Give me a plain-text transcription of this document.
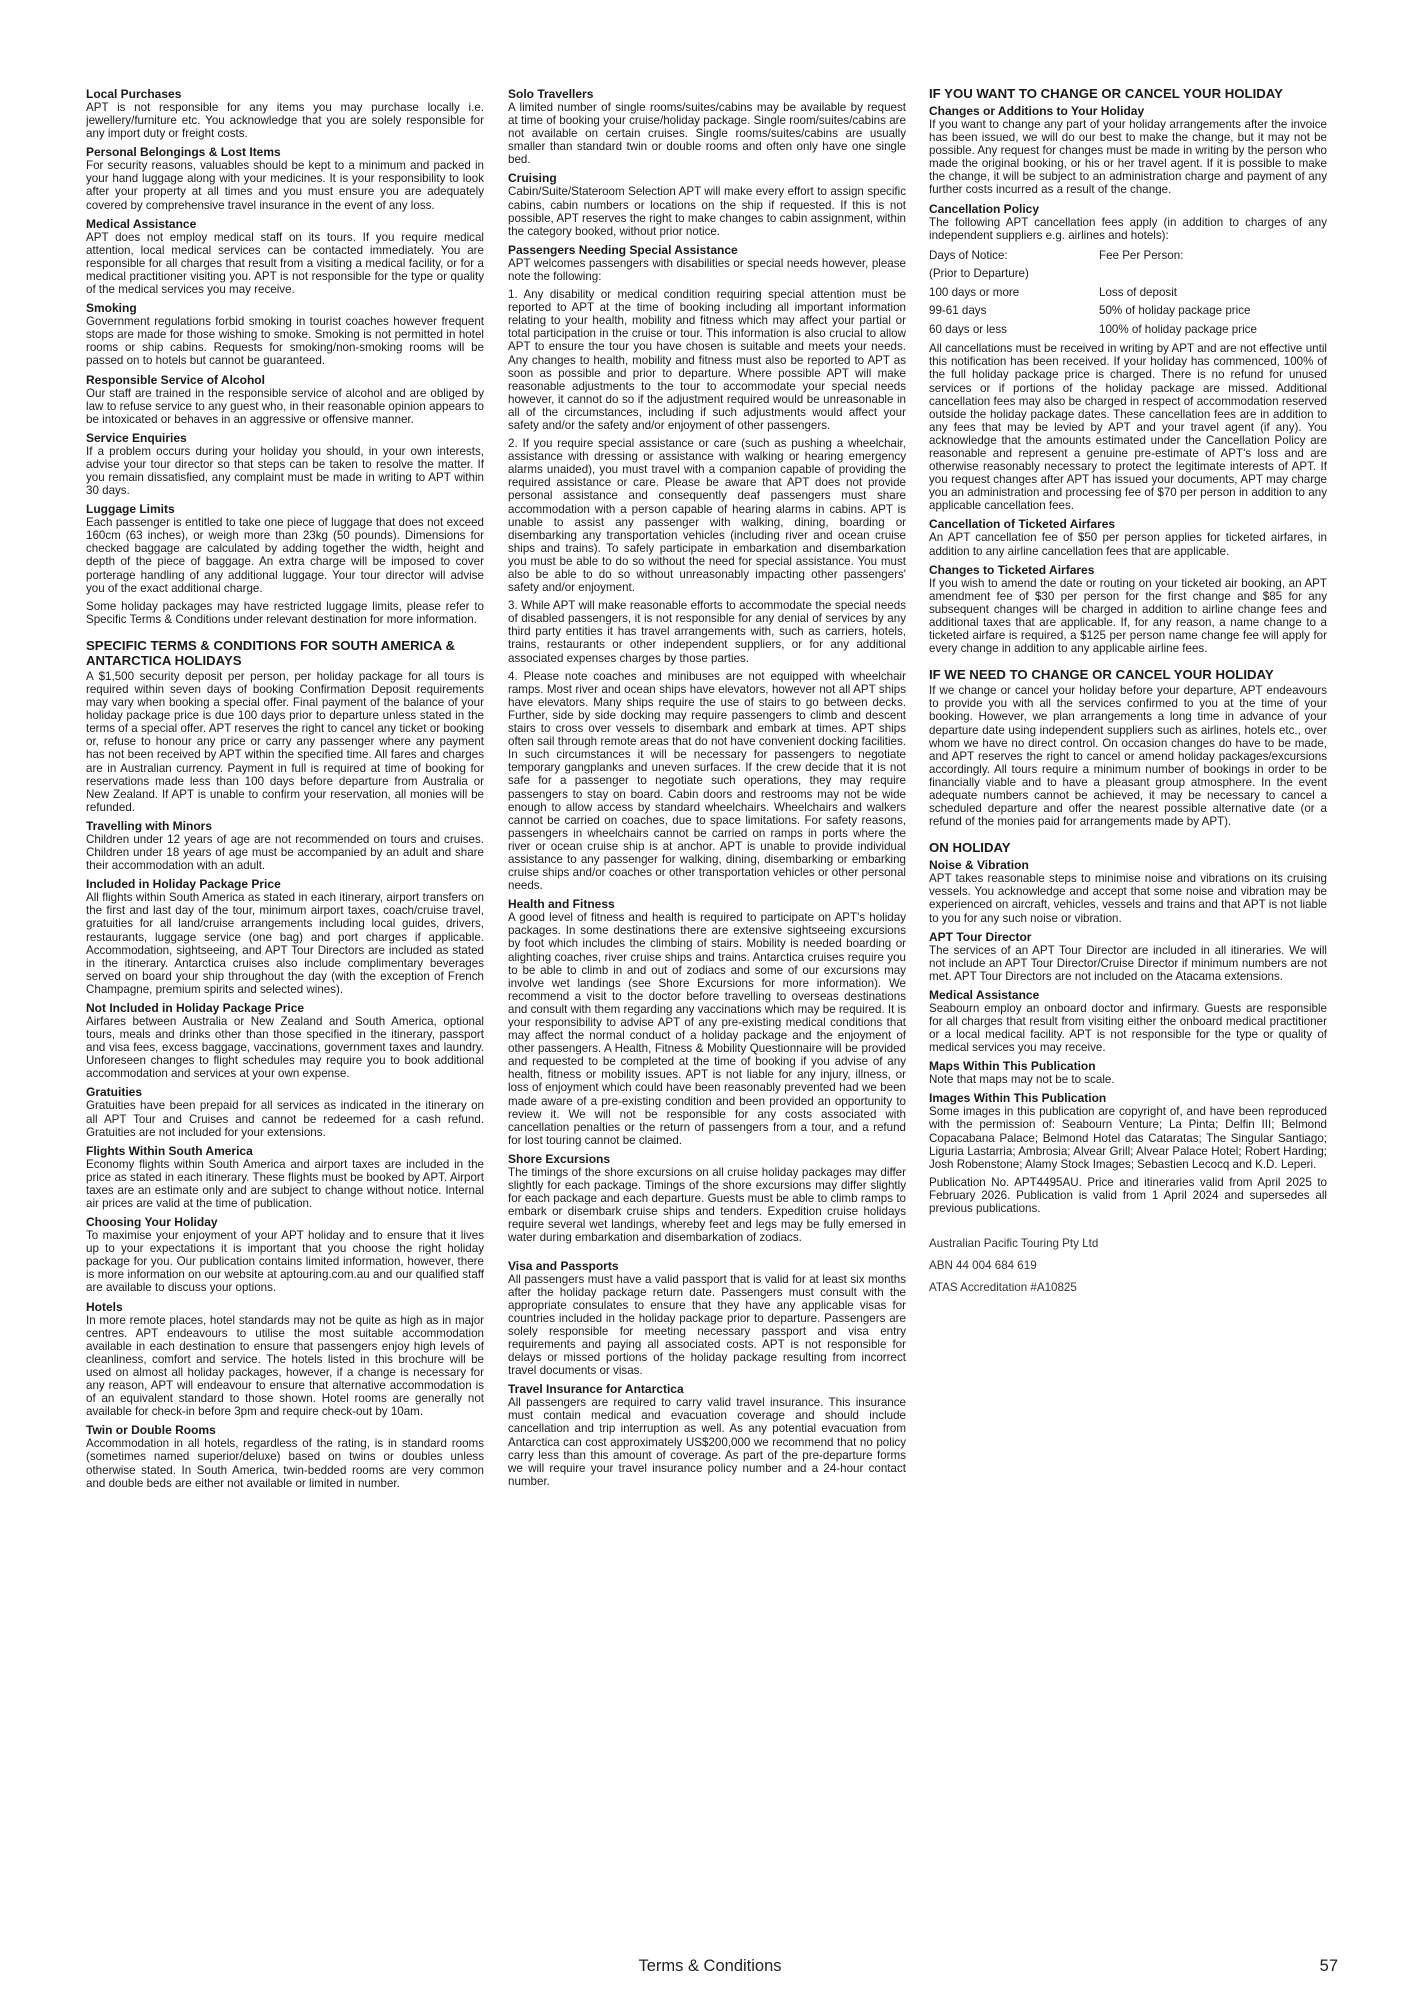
Local Purchases

APT is not responsible for any items you may purchase locally i.e. jewellery/furniture etc. You acknowledge that you are solely responsible for any import duty or freight costs.

Personal Belongings & Lost Items

For security reasons, valuables should be kept to a minimum and packed in your hand luggage along with your medicines. It is your responsibility to look after your property at all times and you must ensure you are adequately covered by comprehensive travel insurance in the event of any loss.

Medical Assistance

APT does not employ medical staff on its tours. If you require medical attention, local medical services can be contacted immediately. You are responsible for all charges that result from a visiting a medical facility, or for a medical practitioner visiting you. APT is not responsible for the type or quality of the medical services you may receive.

Smoking

Government regulations forbid smoking in tourist coaches however frequent stops are made for those wishing to smoke. Smoking is not permitted in hotel rooms or ship cabins. Requests for smoking/non-smoking rooms will be passed on to hotels but cannot be guaranteed.

Responsible Service of Alcohol

Our staff are trained in the responsible service of alcohol and are obliged by law to refuse service to any guest who, in their reasonable opinion appears to be intoxicated or behaves in an aggressive or offensive manner.

Service Enquiries

If a problem occurs during your holiday you should, in your own interests, advise your tour director so that steps can be taken to resolve the matter. If you remain dissatisfied, any complaint must be made in writing to APT within 30 days.

Luggage Limits

Each passenger is entitled to take one piece of luggage that does not exceed 160cm (63 inches), or weigh more than 23kg (50 pounds). Dimensions for checked baggage are calculated by adding together the width, height and depth of the piece of baggage. An extra charge will be imposed to cover porterage handling of any additional luggage. Your tour director will advise you of the exact additional charge.

Some holiday packages may have restricted luggage limits, please refer to Specific Terms & Conditions under relevant destination for more information.

SPECIFIC TERMS & CONDITIONS FOR SOUTH AMERICA & ANTARCTICA HOLIDAYS

A $1,500 security deposit per person, per holiday package for all tours is required within seven days of booking Confirmation Deposit requirements may vary when booking a special offer. Final payment of the balance of your holiday package price is due 100 days prior to departure unless stated in the terms of a special offer. APT reserves the right to cancel any ticket or booking or, refuse to honour any price or carry any passenger where any payment has not been received by APT within the specified time. All fares and charges are in Australian currency. Payment in full is required at time of booking for reservations made less than 100 days before departure from Australia or New Zealand. If APT is unable to confirm your reservation, all monies will be refunded.

Travelling with Minors

Children under 12 years of age are not recommended on tours and cruises. Children under 18 years of age must be accompanied by an adult and share their accommodation with an adult.

Included in Holiday Package Price

All flights within South America as stated in each itinerary, airport transfers on the first and last day of the tour, minimum airport taxes, coach/cruise travel, gratuities for all land/cruise arrangements including local guides, drivers, restaurants, luggage service (one bag) and port charges if applicable. Accommodation, sightseeing, and APT Tour Directors are included as stated in the itinerary. Antarctica cruises also include complimentary beverages served on board your ship throughout the day (with the exception of French Champagne, premium spirits and selected wines).

Not Included in Holiday Package Price

Airfares between Australia or New Zealand and South America, optional tours, meals and drinks other than those specified in the itinerary, passport and visa fees, excess baggage, vaccinations, government taxes and laundry. Unforeseen changes to flight schedules may require you to book additional accommodation and services at your own expense.

Gratuities

Gratuities have been prepaid for all services as indicated in the itinerary on all APT Tour and Cruises and cannot be redeemed for a cash refund. Gratuities are not included for your extensions.

Flights Within South America

Economy flights within South America and airport taxes are included in the price as stated in each itinerary. These flights must be booked by APT. Airport taxes are an estimate only and are subject to change without notice. Internal air prices are valid at the time of publication.

Choosing Your Holiday

To maximise your enjoyment of your APT holiday and to ensure that it lives up to your expectations it is important that you choose the right holiday package for you. Our publication contains limited information, however, there is more information on our website at aptouring.com.au and our qualified staff are available to discuss your options.

Hotels

In more remote places, hotel standards may not be quite as high as in major centres. APT endeavours to utilise the most suitable accommodation available in each destination to ensure that passengers enjoy high levels of cleanliness, comfort and service. The hotels listed in this brochure will be used on almost all holiday packages, however, if a change is necessary for any reason, APT will endeavour to ensure that alternative accommodation is of an equivalent standard to those shown. Hotel rooms are generally not available for check-in before 3pm and require check-out by 10am.

Twin or Double Rooms

Accommodation in all hotels, regardless of the rating, is in standard rooms (sometimes named superior/deluxe) based on twins or doubles unless otherwise stated. In South America, twin-bedded rooms are very common and double beds are either not available or limited in number.

Solo Travellers

A limited number of single rooms/suites/cabins may be available by request at time of booking your cruise/holiday package. Single room/suites/cabins are not available on certain cruises. Single rooms/suites/cabins are usually smaller than standard twin or double rooms and often only have one single bed.

Cruising

Cabin/Suite/Stateroom Selection APT will make every effort to assign specific cabins, cabin numbers or locations on the ship if requested. If this is not possible, APT reserves the right to make changes to cabin assignment, within the category booked, without prior notice.

Passengers Needing Special Assistance

APT welcomes passengers with disabilities or special needs however, please note the following:

1. Any disability or medical condition requiring special attention must be reported to APT at the time of booking including all important information relating to your health, mobility and fitness which may affect your partial or total participation in the cruise or tour. This information is also crucial to allow APT to ensure the tour you have chosen is suitable and meets your needs. Any changes to health, mobility and fitness must also be reported to APT as soon as possible and prior to departure. Where possible APT will make reasonable adjustments to the tour to accommodate your special needs however, it cannot do so if the adjustment required would be unreasonable in all of the circumstances, including if such adjustments would affect your safety and/or the safety and/or enjoyment of other passengers.

2. If you require special assistance or care (such as pushing a wheelchair, assistance with dressing or assistance with walking or hearing emergency alarms unaided), you must travel with a companion capable of providing the required assistance or care. Please be aware that APT does not provide personal assistance and consequently deaf passengers must share accommodation with a person capable of hearing alarms in cabins. APT is unable to assist any passenger with walking, dining, boarding or disembarking any transportation vehicles (including river and ocean cruise ships and trains). To safely participate in embarkation and disembarkation you must be able to do so without the need for special assistance. You must also be able to do so without unreasonably impacting other passengers' safety and/or enjoyment.

3. While APT will make reasonable efforts to accommodate the special needs of disabled passengers, it is not responsible for any denial of services by any third party entities it has travel arrangements with, such as carriers, hotels, trains, restaurants or other independent suppliers, or for any additional associated expenses charges by those parties.

4. Please note coaches and minibuses are not equipped with wheelchair ramps. Most river and ocean ships have elevators, however not all APT ships have elevators. Many ships require the use of stairs to go between decks. Further, side by side docking may require passengers to climb and descent stairs to cross over vessels to disembark and embark at times. APT ships often sail through remote areas that do not have convenient docking facilities. In such circumstances it will be necessary for passengers to negotiate temporary gangplanks and uneven surfaces. If the crew decide that it is not safe for a passenger to negotiate such operations, they may require passengers to stay on board. Cabin doors and restrooms may not be wide enough to allow access by standard wheelchairs. Wheelchairs and walkers cannot be carried on coaches, due to space limitations. For safety reasons, passengers in wheelchairs cannot be carried on ramps in ports where the river or ocean cruise ship is at anchor. APT is unable to provide individual assistance to any passenger for walking, dining, disembarking or embarking cruise ships and/or coaches or other transportation vehicles or other personal needs.

Health and Fitness

A good level of fitness and health is required to participate on APT's holiday packages. In some destinations there are extensive sightseeing excursions by foot which includes the climbing of stairs. Mobility is needed boarding or alighting coaches, river cruise ships and trains. Antarctica cruises require you to be able to climb in and out of zodiacs and some of our excursions may involve wet landings (see Shore Excursions for more information). We recommend a visit to the doctor before travelling to overseas destinations and consult with them regarding any vaccinations which may be required. It is your responsibility to advise APT of any pre-existing medical conditions that may affect the normal conduct of a holiday package and the enjoyment of other passengers. A Health, Fitness & Mobility Questionnaire will be provided and requested to be completed at the time of booking if you advise of any health, fitness or mobility issues. APT is not liable for any injury, illness, or loss of enjoyment which could have been reasonably prevented had we been made aware of a pre-existing condition and been provided an opportunity to review it. We will not be responsible for any costs associated with cancellation penalties or the return of passengers from a tour, and a refund for lost touring cannot be claimed.

Shore Excursions

The timings of the shore excursions on all cruise holiday packages may differ slightly for each package. Timings of the shore excursions may differ slightly for each package and each departure. Guests must be able to climb ramps to embark or disembark cruise ships and tenders. Expedition cruise holidays require several wet landings, whereby feet and legs may be fully emersed in water during embarkation and disembarkation of zodiacs.

Visa and Passports

All passengers must have a valid passport that is valid for at least six months after the holiday package return date. Passengers must consult with the appropriate consulates to ensure that they have any applicable visas for countries included in the holiday package prior to departure. Passengers are solely responsible for meeting necessary passport and visa entry requirements and paying all associated costs. APT is not responsible for delays or missed portions of the holiday package resulting from incorrect travel documents or visas.

Travel Insurance for Antarctica

All passengers are required to carry valid travel insurance. This insurance must contain medical and evacuation coverage and should include cancellation and trip interruption as well. As any potential evacuation from Antarctica can cost approximately US$200,000 we recommend that no policy carry less than this amount of coverage. As part of the pre-departure forms we will require your travel insurance policy number and a 24-hour contact number.

IF YOU WANT TO CHANGE OR CANCEL YOUR HOLIDAY
Changes or Additions to Your Holiday

If you want to change any part of your holiday arrangements after the invoice has been issued, we will do our best to make the change, but it may not be possible. Any request for changes must be made in writing by the person who made the original booking, or his or her travel agent. If it is possible to make the change, it will be subject to an administration charge and payment of any further costs incurred as a result of the change.

Cancellation Policy

The following APT cancellation fees apply (in addition to charges of any independent suppliers e.g. airlines and hotels):

Days of Notice:	Fee Per Person:
(Prior to Departure)	
100 days or more	Loss of deposit
99-61 days	50% of holiday package price
60 days or less	100% of holiday package price

All cancellations must be received in writing by APT and are not effective until this notification has been received. If your holiday has commenced, 100% of the full holiday package price is charged. There is no refund for unused services or if portions of the holiday package are missed. Additional cancellation fees may also be charged in respect of accommodation reserved outside the holiday package dates. These cancellation fees are in addition to any fees that may be levied by APT and your travel agent (if any). You acknowledge that the amounts estimated under the Cancellation Policy are reasonable and represent a genuine pre-estimate of APT's loss and are otherwise reasonably necessary to protect the legitimate interests of APT. If you request changes after APT has issued your documents, APT may charge you an administration and processing fee of $70 per person in addition to any applicable cancellation fees.

Cancellation of Ticketed Airfares

An APT cancellation fee of $50 per person applies for ticketed airfares, in addition to any airline cancellation fees that are applicable.

Changes to Ticketed Airfares

If you wish to amend the date or routing on your ticketed air booking, an APT amendment fee of $30 per person for the first change and $85 for any subsequent changes will be charged in addition to airline change fees and additional taxes that are applicable. If, for any reason, a name change to a ticketed airfare is required, a $125 per person name change fee will apply for every change in addition to any applicable airline fees.

IF WE NEED TO CHANGE OR CANCEL YOUR HOLIDAY

If we change or cancel your holiday before your departure, APT endeavours to provide you with all the services confirmed to you at the time of your booking. However, we plan arrangements a long time in advance of your departure date using independent suppliers such as airlines, hotels etc., over whom we have no direct control. On occasion changes do have to be made, and APT reserves the right to cancel or amend holiday packages/excursions accordingly. All tours require a minimum number of bookings in order to be financially viable and to have a pleasant group atmosphere. In the event adequate numbers cannot be achieved, it may be necessary to cancel a scheduled departure and offer the nearest possible alternative date (or a refund of the monies paid for arrangements made by APT).

ON HOLIDAY
Noise & Vibration

APT takes reasonable steps to minimise noise and vibrations on its cruising vessels. You acknowledge and accept that some noise and vibration may be experienced on aircraft, vehicles, vessels and trains and that APT is not liable to you for any such noise or vibration.

APT Tour Director

The services of an APT Tour Director are included in all itineraries. We will not include an APT Tour Director/Cruise Director if minimum numbers are not met. APT Tour Directors are not included on the Atacama extensions.

Medical Assistance

Seabourn employ an onboard doctor and infirmary. Guests are responsible for all charges that result from visiting either the onboard medical practitioner or a local medical facility. APT is not responsible for the type or quality of medical services you may receive.

Maps Within This Publication

Note that maps may not be to scale.

Images Within This Publication

Some images in this publication are copyright of, and have been reproduced with the permission of: Seabourn Venture; La Pinta; Delfin III; Belmond Copacabana Palace; Belmond Hotel das Cataratas; The Singular Santiago; Liguria Lastarria; Ambrosia; Alvear Grill; Alvear Palace Hotel; Robert Harding; Josh Robenstone; Alamy Stock Images; Sebastien Lecocq and K.D. Leperi.

Publication No. APT4495AU. Price and itineraries valid from April 2025 to February 2026. Publication is valid from 1 April 2024 and supersedes all previous publications.

Australian Pacific Touring Pty Ltd
ABN 44 004 684 619
ATAS Accreditation #A10825
Terms & Conditions	57
